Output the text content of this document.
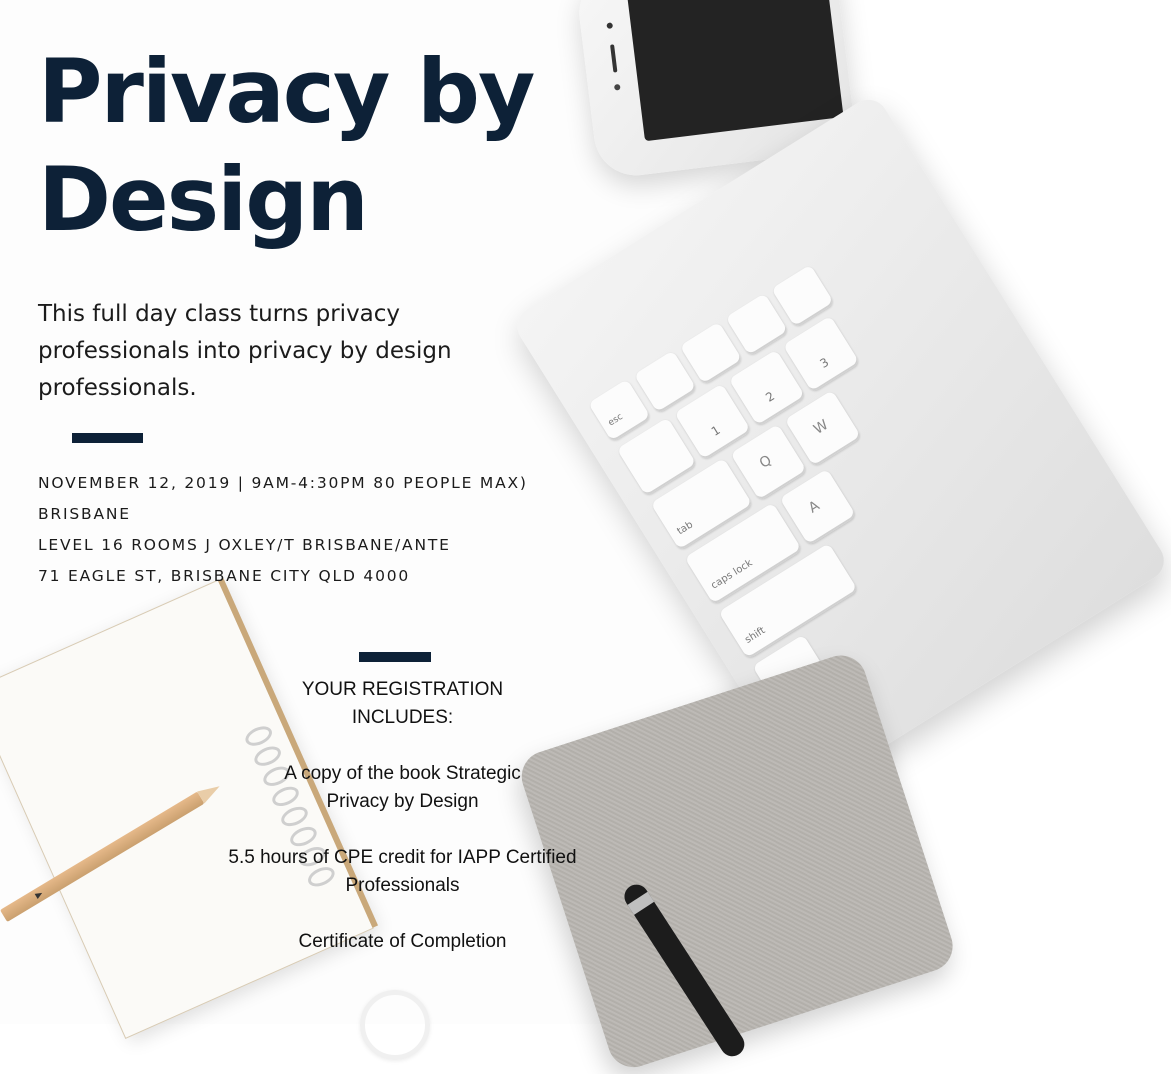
esc
1
2
3
tab
Q
W
caps lock
A
shift
Privacy by
Design

This full day class turns privacy
professionals into privacy by design
professionals.

NOVEMBER 12, 2019 | 9AM-4:30PM 80 PEOPLE MAX)
BRISBANE
LEVEL 16 ROOMS J OXLEY/T BRISBANE/ANTE
71 EAGLE ST, BRISBANE CITY QLD 4000

YOUR REGISTRATION
INCLUDES:

A copy of the book Strategic
Privacy by Design

5.5 hours of CPE credit for IAPP Certified
Professionals

Certificate of Completion
